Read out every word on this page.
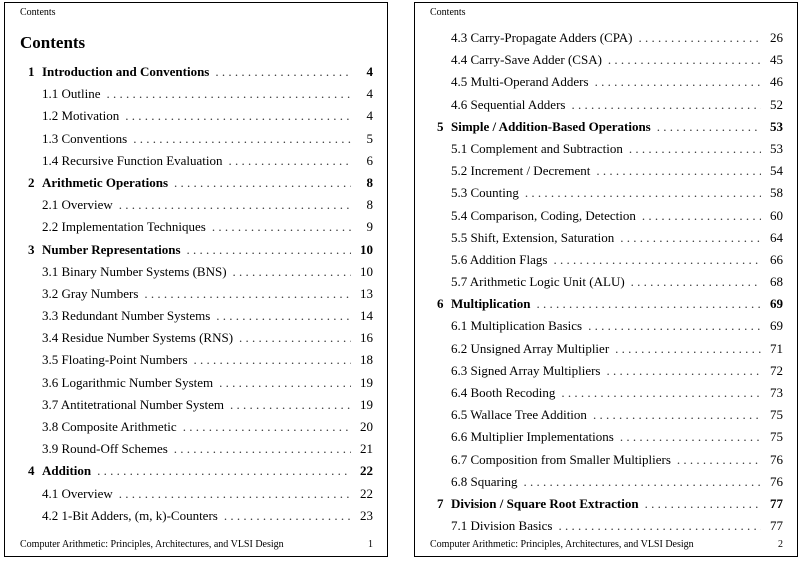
Contents
Contents
1 Introduction and Conventions . . .	4
1.1 Outline . . .	4
1.2 Motivation . . .	4
1.3 Conventions . . .	5
1.4 Recursive Function Evaluation . . .	6
2 Arithmetic Operations . . .	8
2.1 Overview . . .	8
2.2 Implementation Techniques . . .	9
3 Number Representations . . .	10
3.1 Binary Number Systems (BNS) . . .	10
3.2 Gray Numbers . . .	13
3.3 Redundant Number Systems . . .	14
3.4 Residue Number Systems (RNS) . . .	16
3.5 Floating-Point Numbers . . .	18
3.6 Logarithmic Number System . . .	19
3.7 Antitetrational Number System . . .	19
3.8 Composite Arithmetic . . .	20
3.9 Round-Off Schemes . . .	21
4 Addition . . .	22
4.1 Overview . . .	22
4.2 1-Bit Adders, (m, k)-Counters . . .	23
Computer Arithmetic: Principles, Architectures, and VLSI Design	1
Contents
4.3 Carry-Propagate Adders (CPA) . . .	26
4.4 Carry-Save Adder (CSA) . . .	45
4.5 Multi-Operand Adders . . .	46
4.6 Sequential Adders . . .	52
5 Simple / Addition-Based Operations . . .	53
5.1 Complement and Subtraction . . .	53
5.2 Increment / Decrement . . .	54
5.3 Counting . . .	58
5.4 Comparison, Coding, Detection . . .	60
5.5 Shift, Extension, Saturation . . .	64
5.6 Addition Flags . . .	66
5.7 Arithmetic Logic Unit (ALU) . . .	68
6 Multiplication . . .	69
6.1 Multiplication Basics . . .	69
6.2 Unsigned Array Multiplier . . .	71
6.3 Signed Array Multipliers . . .	72
6.4 Booth Recoding . . .	73
6.5 Wallace Tree Addition . . .	75
6.6 Multiplier Implementations . . .	75
6.7 Composition from Smaller Multipliers . . .	76
6.8 Squaring . . .	76
7 Division / Square Root Extraction . . .	77
7.1 Division Basics . . .	77
Computer Arithmetic: Principles, Architectures, and VLSI Design	2
